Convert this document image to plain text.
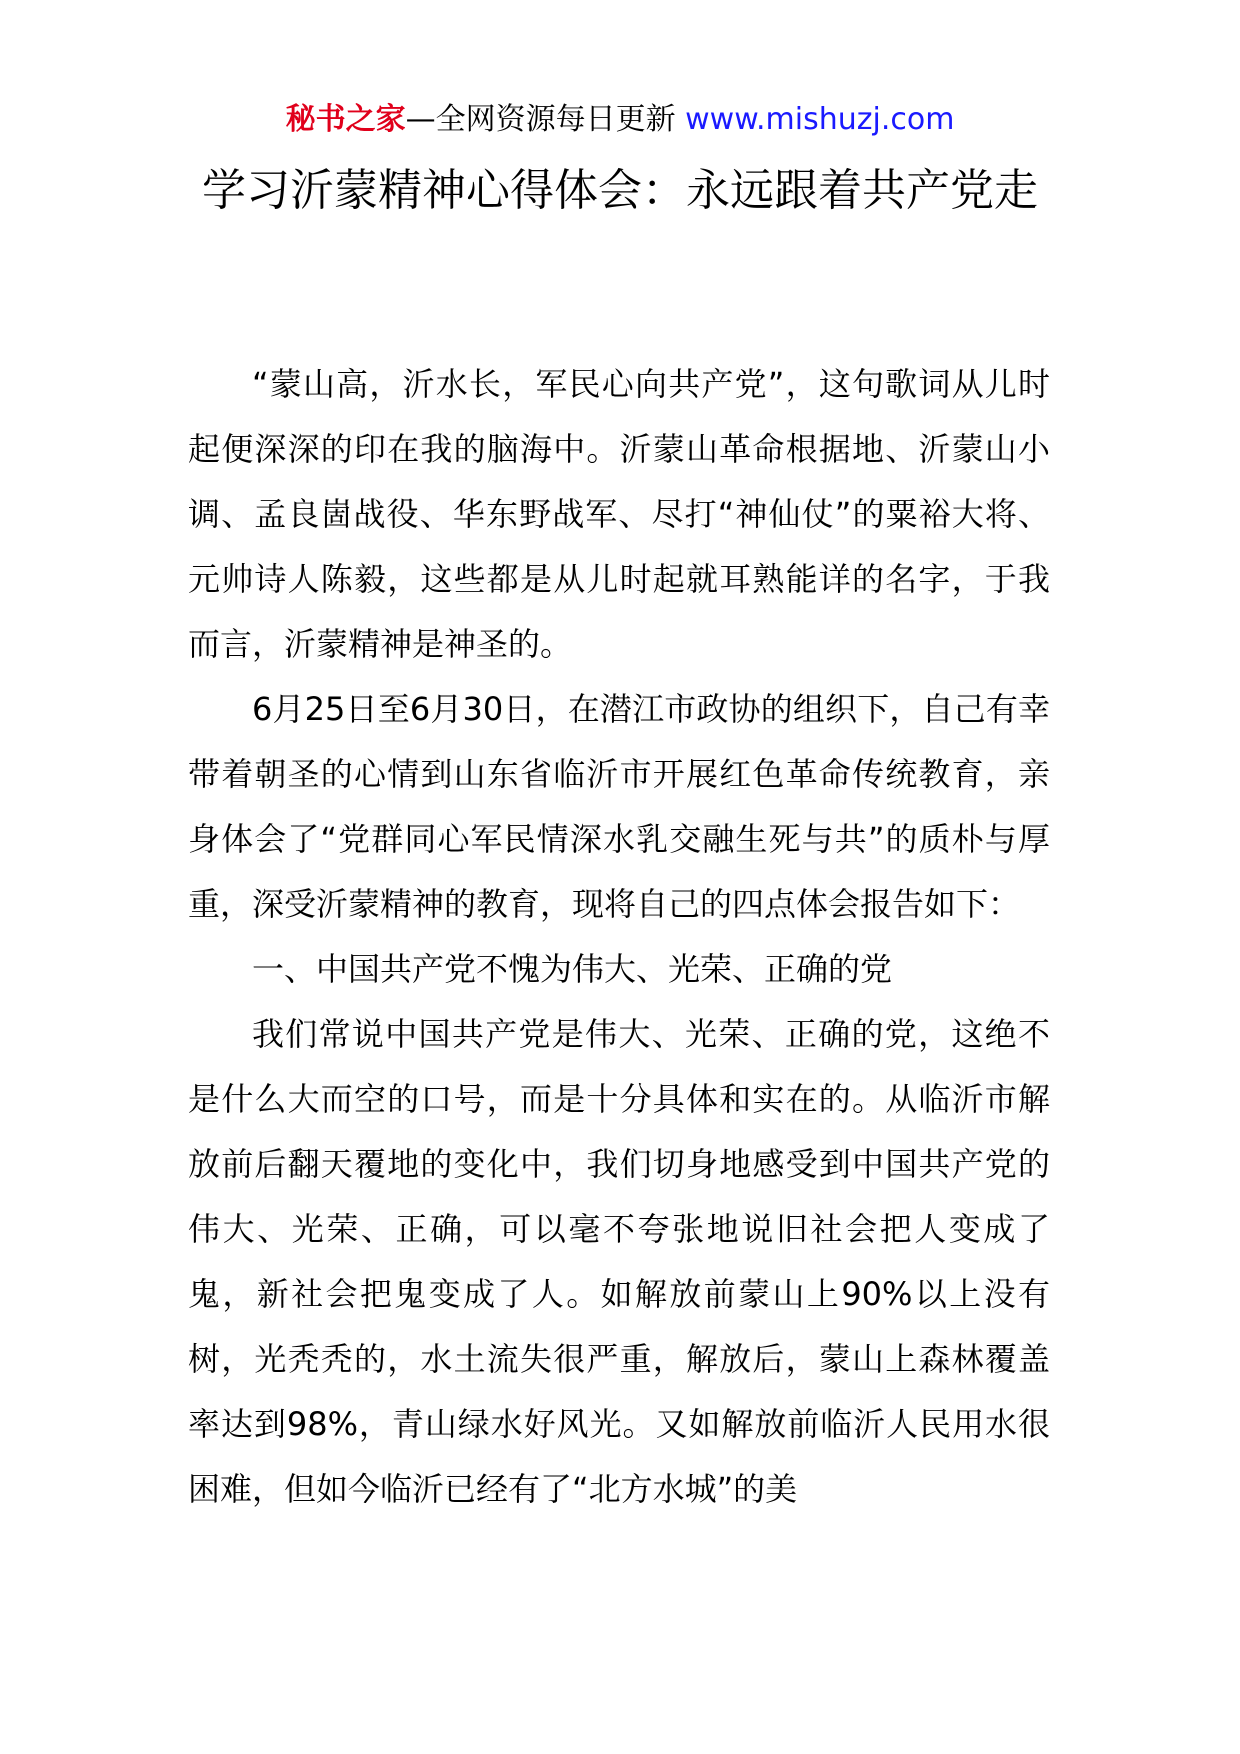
秘书之家—全网资源每日更新 www.mishuzj.com
学习沂蒙精神心得体会：永远跟着共产党走

“蒙山高，沂水长，军民心向共产党”，这句歌词从儿时起便深深的印在我的脑海中。沂蒙山革命根据地、沂蒙山小调、孟良崮战役、华东野战军、尽打“神仙仗”的粟裕大将、元帅诗人陈毅，这些都是从儿时起就耳熟能详的名字，于我而言，沂蒙精神是神圣的。

6月25日至6月30日，在潜江市政协的组织下，自己有幸带着朝圣的心情到山东省临沂市开展红色革命传统教育，亲身体会了“党群同心军民情深水乳交融生死与共”的质朴与厚重，深受沂蒙精神的教育，现将自己的四点体会报告如下：

一、中国共产党不愧为伟大、光荣、正确的党

我们常说中国共产党是伟大、光荣、正确的党，这绝不是什么大而空的口号，而是十分具体和实在的。从临沂市解放前后翻天覆地的变化中，我们切身地感受到中国共产党的伟大、光荣、正确，可以毫不夸张地说旧社会把人变成了鬼，新社会把鬼变成了人。如解放前蒙山上90%以上没有树，光秃秃的，水土流失很严重，解放后，蒙山上森林覆盖率达到98%，青山绿水好风光。又如解放前临沂人民用水很困难，但如今临沂已经有了“北方水城”的美
